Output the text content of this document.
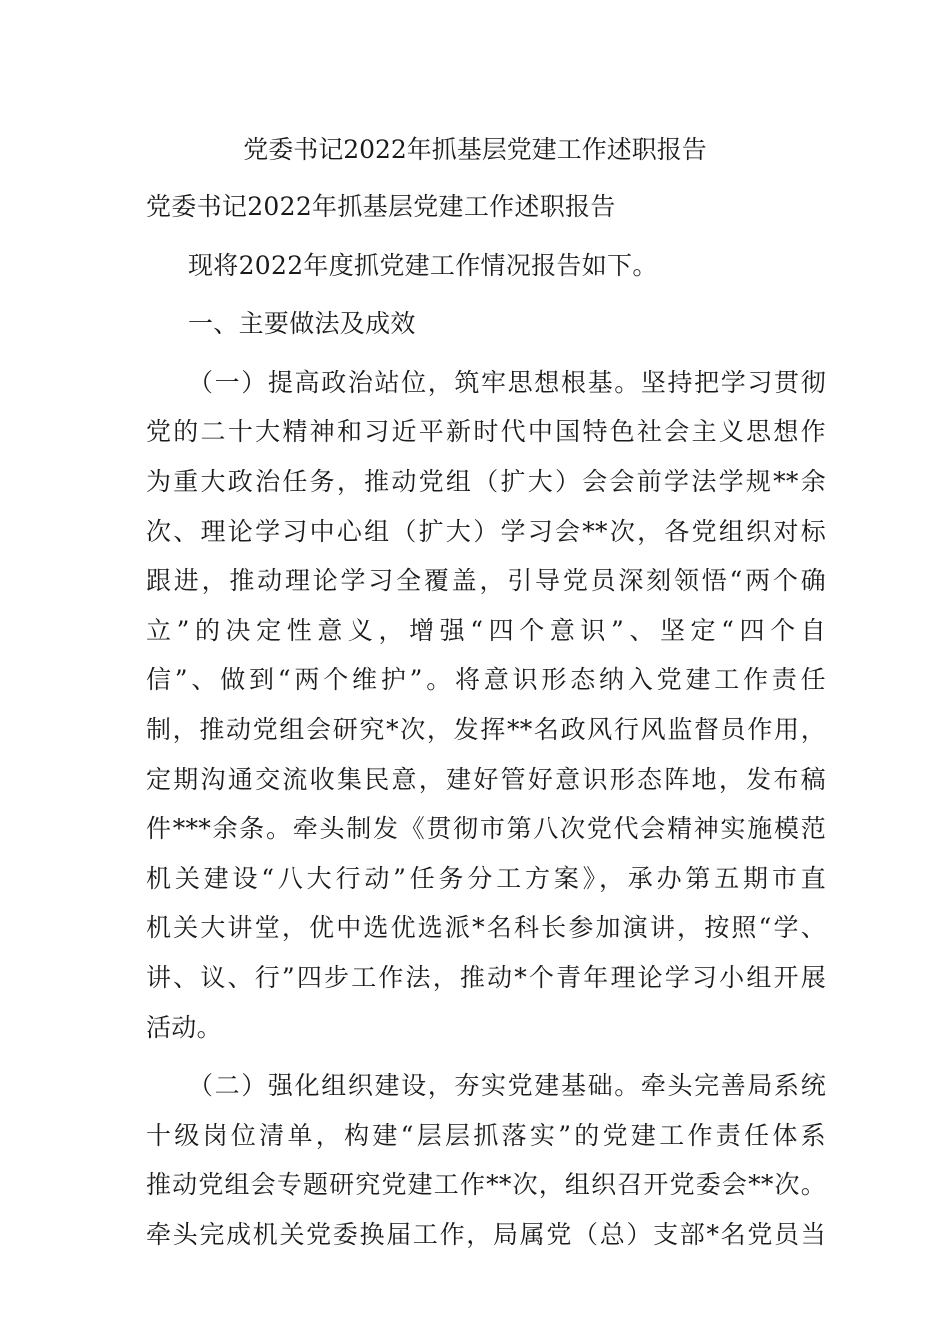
党委书记2022年抓基层党建工作述职报告
党委书记2022年抓基层党建工作述职报告
现将2022年度抓党建工作情况报告如下。
一、主要做法及成效
（一）提高政治站位，筑牢思想根基。坚持把学习贯彻
党的二十大精神和习近平新时代中国特色社会主义思想作
为重大政治任务，推动党组（扩大）会会前学法学规**余
次、理论学习中心组（扩大）学习会**次，各党组织对标
跟进，推动理论学习全覆盖，引导党员深刻领悟“两个确
立”的决定性意义，增强“四个意识”、坚定“四个自
信”、做到“两个维护”。将意识形态纳入党建工作责任
制，推动党组会研究*次，发挥**名政风行风监督员作用，
定期沟通交流收集民意，建好管好意识形态阵地，发布稿
件***余条。牵头制发《贯彻市第八次党代会精神实施模范
机关建设“八大行动”任务分工方案》，承办第五期市直
机关大讲堂，优中选优选派*名科长参加演讲，按照“学、
讲、议、行”四步工作法，推动*个青年理论学习小组开展
活动。
（二）强化组织建设，夯实党建基础。牵头完善局系统
十级岗位清单，构建“层层抓落实”的党建工作责任体系
推动党组会专题研究党建工作**次，组织召开党委会**次。
牵头完成机关党委换届工作，局属党（总）支部*名党员当
